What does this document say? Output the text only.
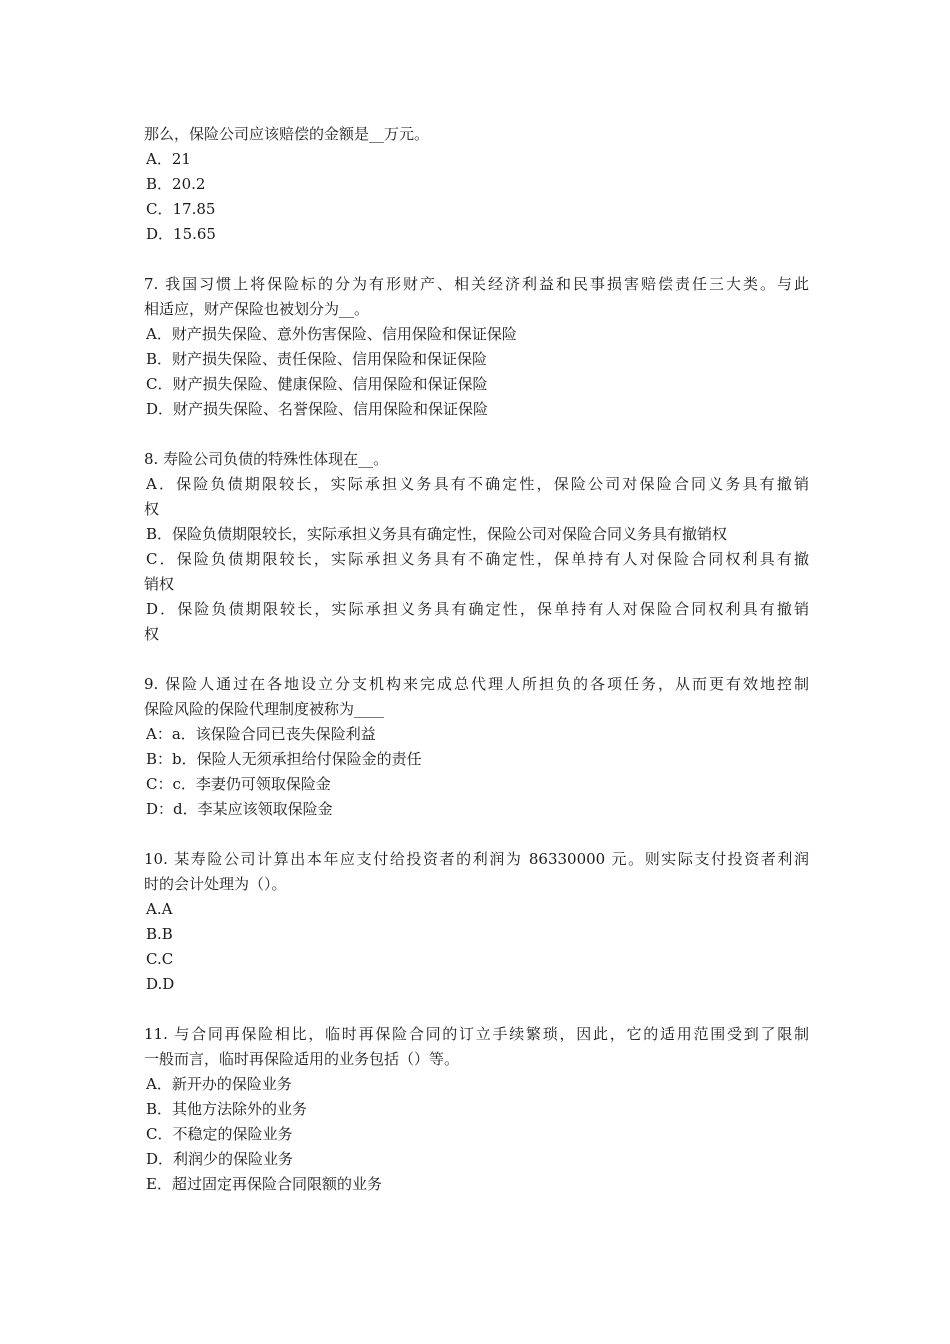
那么，保险公司应该赔偿的金额是__万元。
A．21
B．20.2
C．17.85
D．15.65
7. 我国习惯上将保险标的分为有形财产、相关经济利益和民事损害赔偿责任三大类。与此
相适应，财产保险也被划分为__。
A．财产损失保险、意外伤害保险、信用保险和保证保险
B．财产损失保险、责任保险、信用保险和保证保险
C．财产损失保险、健康保险、信用保险和保证保险
D．财产损失保险、名誉保险、信用保险和保证保险
8. 寿险公司负债的特殊性体现在__。
A．保险负债期限较长，实际承担义务具有不确定性，保险公司对保险合同义务具有撤销
权
B．保险负债期限较长，实际承担义务具有确定性，保险公司对保险合同义务具有撤销权
C．保险负债期限较长，实际承担义务具有不确定性，保单持有人对保险合同权利具有撤
销权
D．保险负债期限较长，实际承担义务具有确定性，保单持有人对保险合同权利具有撤销
权
9. 保险人通过在各地设立分支机构来完成总代理人所担负的各项任务，从而更有效地控制
保险风险的保险代理制度被称为____
A：a．该保险合同已丧失保险利益
B：b．保险人无须承担给付保险金的责任
C：c．李妻仍可领取保险金
D：d．李某应该领取保险金
10. 某寿险公司计算出本年应支付给投资者的利润为 86330000 元。则实际支付投资者利润
时的会计处理为（）。
A.A
B.B
C.C
D.D
11. 与合同再保险相比，临时再保险合同的订立手续繁琐，因此，它的适用范围受到了限制
一般而言，临时再保险适用的业务包括（）等。
A．新开办的保险业务
B．其他方法除外的业务
C．不稳定的保险业务
D．利润少的保险业务
E．超过固定再保险合同限额的业务
